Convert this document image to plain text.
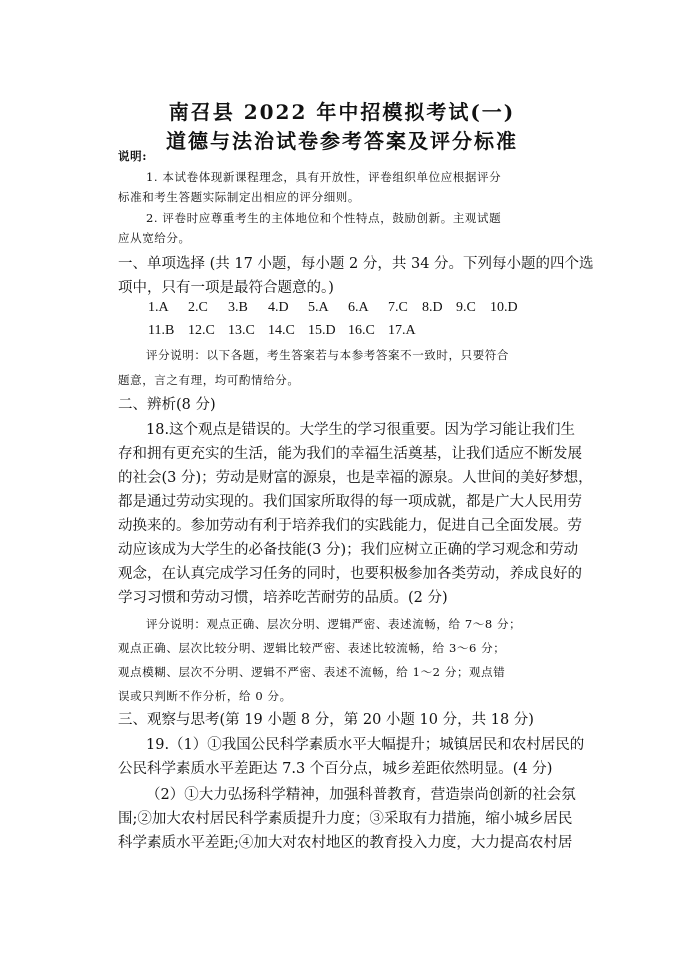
南召县 2022 年中招模拟考试(一)
道德与法治试卷参考答案及评分标准
说明:
1. 本试卷体现新课程理念，具有开放性，评卷组织单位应根据评分
标准和考生答题实际制定出相应的评分细则。
2. 评卷时应尊重考生的主体地位和个性特点，鼓励创新。主观试题
应从宽给分。
一、单项选择 (共 17 小题，每小题 2 分，共 34 分。下列每小题的四个选
项中，只有一项是最符合题意的。)
1.A	2.C	3.B	4.D	5.A	6.A	7.C	8.D 9.C	10.D
11.B 12.C 13.C 14.C 15.D 16.C 17.A
评分说明：以下各题，考生答案若与本参考答案不一致时，只要符合
题意，言之有理，均可酌情给分。
二、辨析(8 分)
18.这个观点是错误的。大学生的学习很重要。因为学习能让我们生
存和拥有更充实的生活，能为我们的幸福生活奠基，让我们适应不断发展
的社会(3 分)；劳动是财富的源泉，也是幸福的源泉。人世间的美好梦想，
都是通过劳动实现的。我们国家所取得的每一项成就，都是广大人民用劳
动换来的。参加劳动有利于培养我们的实践能力，促进自己全面发展。劳
动应该成为大学生的必备技能(3 分)；我们应树立正确的学习观念和劳动
观念，在认真完成学习任务的同时，也要积极参加各类劳动，养成良好的
学习习惯和劳动习惯，培养吃苦耐劳的品质。(2 分)
评分说明：观点正确、层次分明、逻辑严密、表述流畅，给 7～8 分；
观点正确、层次比较分明、逻辑比较严密、表述比较流畅，给 3～6 分；
观点模糊、层次不分明、逻辑不严密、表述不流畅，给 1～2 分；观点错
误或只判断不作分析，给 0 分。
三、观察与思考(第 19 小题 8 分，第 20 小题 10 分，共 18 分)
19.（1）①我国公民科学素质水平大幅提升；城镇居民和农村居民的
公民科学素质水平差距达 7.3 个百分点，城乡差距依然明显。(4 分)
（2）①大力弘扬科学精神，加强科普教育，营造崇尚创新的社会氛
围;②加大农村居民科学素质提升力度；③采取有力措施，缩小城乡居民
科学素质水平差距;④加大对农村地区的教育投入力度，大力提高农村居
